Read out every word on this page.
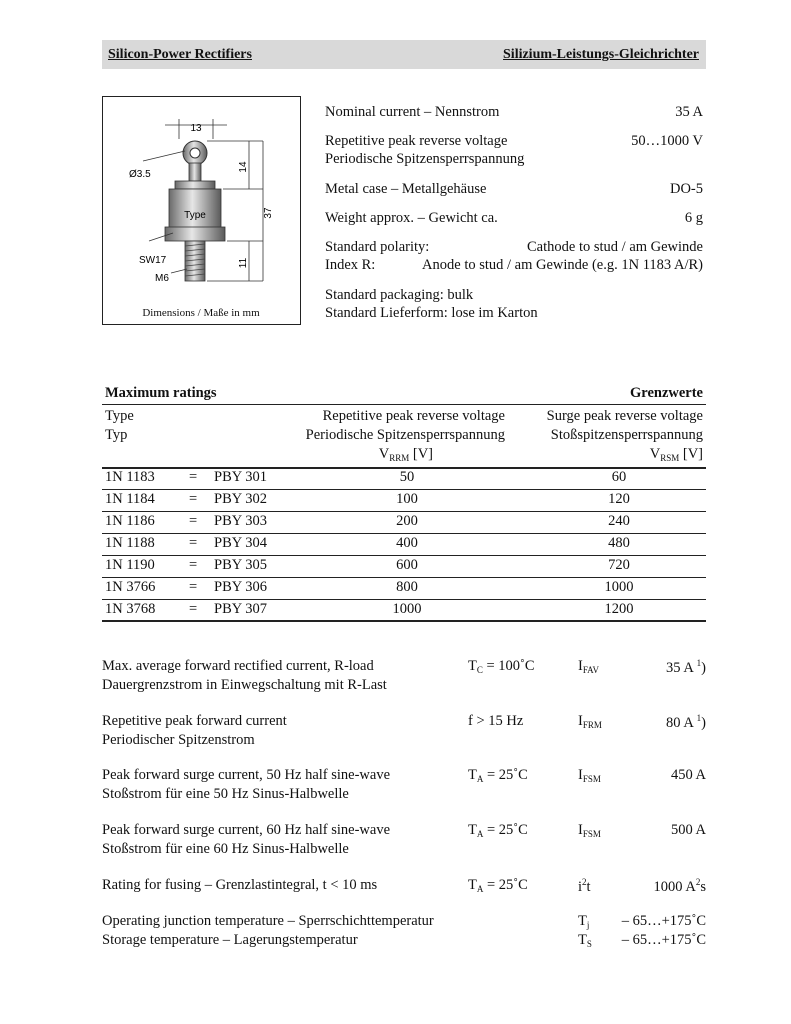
Silicon-Power Rectifiers	Silizium-Leistungs-Gleichrichter
13
Ø3.5
Type
SW17
M6
14
37
11
Dimensions / Maße in mm
Nominal current – Nennstrom	35 A
Repetitive peak reverse voltage
Periodische Spitzensperrspannung
50…1000 V
Metal case – Metallgehäuse	DO-5
Weight approx. – Gewicht ca.	6 g
Standard polarity:	Cathode to stud / am Gewinde
Index R:	Anode to stud / am Gewinde (e.g. 1N 1183 A/R)
Standard packaging: bulk
Standard Lieferform: lose im Karton
Maximum ratings	Grenzwerte
Type
Typ
Repetitive peak reverse voltage
Periodische Spitzensperrspannung
$V_{RRM}$ [V]
Surge peak reverse voltage
Stoßspitzensperrspannung
$V_{RSM}$ [V]
1N 1183 = PBY 301	50	60
1N 1184 = PBY 302	100	120
1N 1186 = PBY 303	200	240
1N 1188 = PBY 304	400	480
1N 1190 = PBY 305	600	720
1N 3766 = PBY 306	800	1000
1N 3768 = PBY 307	1000	1200
Max. average forward rectified current, R-load
Dauergrenzstrom in Einwegschaltung mit R-Last
$T_C$ = 100˚C	$I_{FAV}$	35 A $^1$)
Repetitive peak forward current
Periodischer Spitzenstrom
f > 15 Hz	$I_{FRM}$	80 A $^1$)
Peak forward surge current, 50 Hz half sine-wave
Stoßstrom für eine 50 Hz Sinus-Halbwelle
$T_A$ = 25˚C	$I_{FSM}$	450 A
Peak forward surge current, 60 Hz half sine-wave
Stoßstrom für eine 60 Hz Sinus-Halbwelle
$T_A$ = 25˚C	$I_{FSM}$	500 A
Rating for fusing – Grenzlastintegral, t < 10 ms	$T_A$ = 25˚C	$i^2t$	1000 $A^2s$
Operating junction temperature – Sperrschichttemperatur	$T_j$ – 65…+175˚C
Storage temperature – Lagerungstemperatur	$T_S$ – 65…+175˚C
